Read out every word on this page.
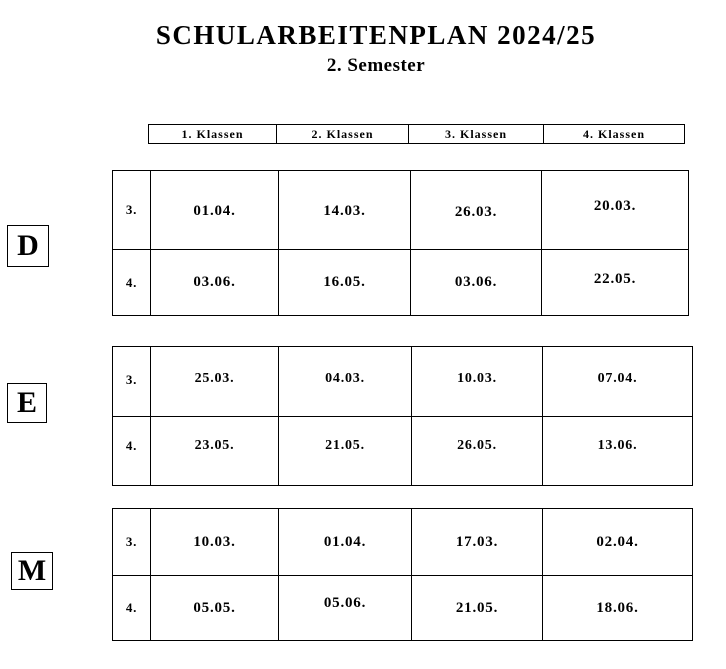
SCHULARBEITENPLAN 2024/25
2. Semester
1. Klassen	2. Klassen	3. Klassen	4. Klassen
D
3.	01.04.	14.03.	26.03.	20.03.
4.	03.06.	16.05.	03.06.	22.05.
E
3.	25.03.	04.03.	10.03.	07.04.
4.	23.05.	21.05.	26.05.	13.06.
M
3.	10.03.	01.04.	17.03.	02.04.
4.	05.05.	05.06.	21.05.	18.06.
